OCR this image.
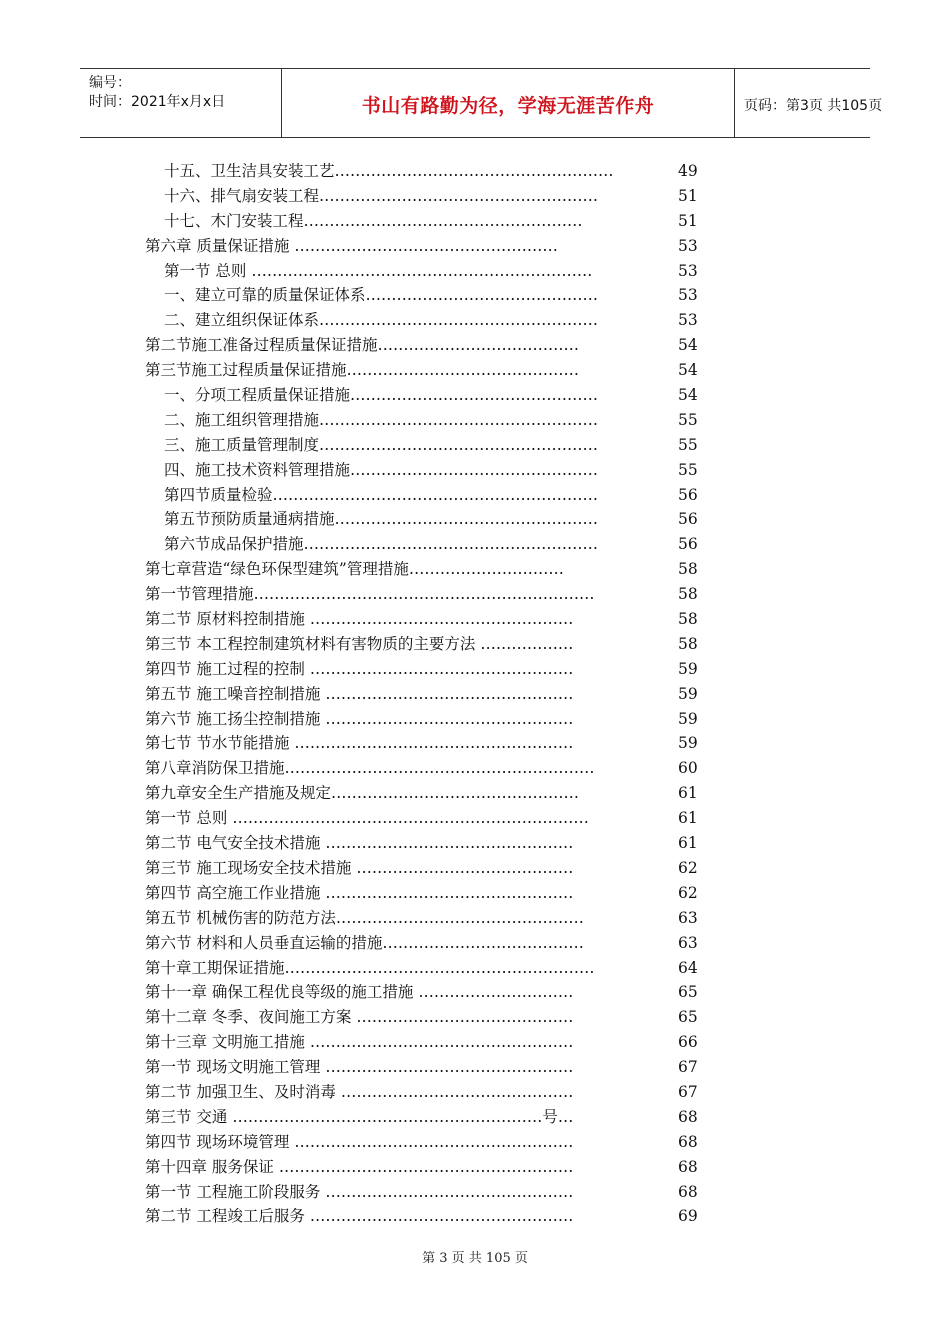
编号：
时间：2021年x月x日	书山有路勤为径，学海无涯苦作舟	页码：第3页 共105页
十五、卫生洁具安装工艺………………………………………………	49
十六、排气扇安装工程………………………………………………	51
十七、木门安装工程………………………………………………	51
第六章 质量保证措施 ……………………………………………	53
第一节 总则 …………………………………………………………	53
一、建立可靠的质量保证体系………………………………………	53
二、建立组织保证体系………………………………………………	53
第二节施工准备过程质量保证措施…………………………………	54
第三节施工过程质量保证措施………………………………………	54
一、分项工程质量保证措施…………………………………………	54
二、施工组织管理措施………………………………………………	55
三、施工质量管理制度………………………………………………	55
四、施工技术资料管理措施…………………………………………	55
第四节质量检验………………………………………………………	56
第五节预防质量通病措施……………………………………………	56
第六节成品保护措施…………………………………………………	56
第七章营造“绿色环保型建筑”管理措施…………………………	58
第一节管理措施…………………………………………………………	58
第二节 原材料控制措施 ……………………………………………	58
第三节 本工程控制建筑材料有害物质的主要方法 ………………	58
第四节 施工过程的控制 ……………………………………………	59
第五节 施工噪音控制措施 …………………………………………	59
第六节 施工扬尘控制措施 …………………………………………	59
第七节 节水节能措施 ………………………………………………	59
第八章消防保卫措施……………………………………………………	60
第九章安全生产措施及规定…………………………………………	61
第一节 总则 ……………………………………………………………	61
第二节 电气安全技术措施 …………………………………………	61
第三节 施工现场安全技术措施 ……………………………………	62
第四节 高空施工作业措施 …………………………………………	62
第五节 机械伤害的防范方法…………………………………………	63
第六节 材料和人员垂直运输的措施…………………………………	63
第十章工期保证措施……………………………………………………	64
第十一章 确保工程优良等级的施工措施 …………………………	65
第十二章 冬季、夜间施工方案 ……………………………………	65
第十三章 文明施工措施 ……………………………………………	66
第一节 现场文明施工管理 …………………………………………	67
第二节 加强卫生、及时消毒 ………………………………………	67
第三节 交通 ……………………………………………………号…	68
第四节 现场环境管理 ………………………………………………	68
第十四章 服务保证 …………………………………………………	68
第一节 工程施工阶段服务 …………………………………………	68
第二节 工程竣工后服务 ……………………………………………	69
第 3 页 共 105 页
